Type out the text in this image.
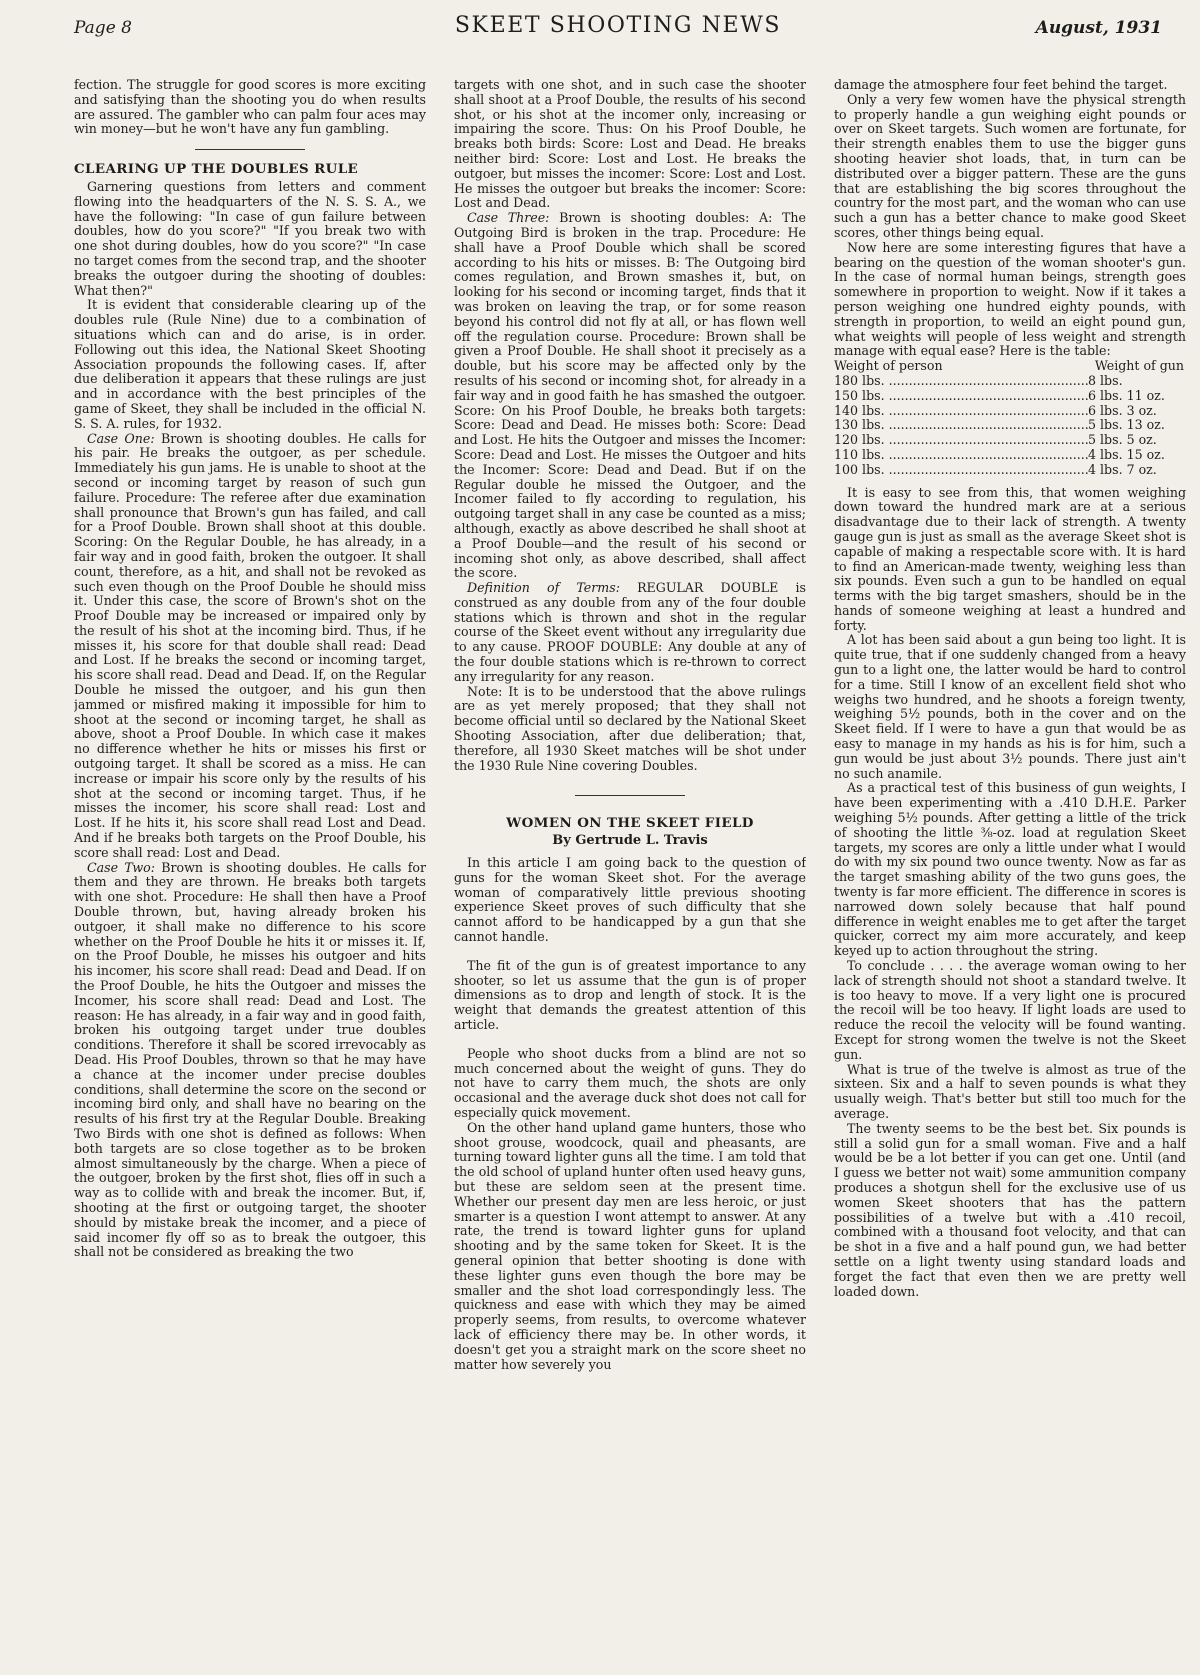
Page 8	SKEET SHOOTING NEWS	August, 1931

fection. The struggle for good scores is more exciting and satisfying than the shooting you do when results are assured. The gambler who can palm four aces may win money—but he won't have any fun gambling.

CLEARING UP THE DOUBLES RULE

Garnering questions from letters and comment flowing into the headquarters of the N. S. S. A., we have the following: "In case of gun failure between doubles, how do you score?" "If you break two with one shot during doubles, how do you score?" "In case no target comes from the second trap, and the shooter breaks the outgoer during the shooting of doubles: What then?"

It is evident that considerable clearing up of the doubles rule (Rule Nine) due to a combination of situations which can and do arise, is in order. Following out this idea, the National Skeet Shooting Association propounds the following cases. If, after due deliberation it appears that these rulings are just and in accordance with the best principles of the game of Skeet, they shall be included in the official N. S. S. A. rules, for 1932.

Case One: Brown is shooting doubles. He calls for his pair. He breaks the outgoer, as per schedule. Immediately his gun jams. He is unable to shoot at the second or incoming target by reason of such gun failure. Procedure: The referee after due examination shall pronounce that Brown's gun has failed, and call for a Proof Double. Brown shall shoot at this double. Scoring: On the Regular Double, he has already, in a fair way and in good faith, broken the outgoer. It shall count, therefore, as a hit, and shall not be revoked as such even though on the Proof Double he should miss it. Under this case, the score of Brown's shot on the Proof Double may be increased or impaired only by the result of his shot at the incoming bird. Thus, if he misses it, his score for that double shall read: Dead and Lost. If he breaks the second or incoming target, his score shall read. Dead and Dead. If, on the Regular Double he missed the outgoer, and his gun then jammed or misfired making it impossible for him to shoot at the second or incoming target, he shall as above, shoot a Proof Double. In which case it makes no difference whether he hits or misses his first or outgoing target. It shall be scored as a miss. He can increase or impair his score only by the results of his shot at the second or incoming target. Thus, if he misses the incomer, his score shall read: Lost and Lost. If he hits it, his score shall read Lost and Dead. And if he breaks both targets on the Proof Double, his score shall read: Lost and Dead.

Case Two: Brown is shooting doubles. He calls for them and they are thrown. He breaks both targets with one shot. Procedure: He shall then have a Proof Double thrown, but, having already broken his outgoer, it shall make no difference to his score whether on the Proof Double he hits it or misses it. If, on the Proof Double, he misses his outgoer and hits his incomer, his score shall read: Dead and Dead. If on the Proof Double, he hits the Outgoer and misses the Incomer, his score shall read: Dead and Lost. The reason: He has already, in a fair way and in good faith, broken his outgoing target under true doubles conditions. Therefore it shall be scored irrevocably as Dead. His Proof Doubles, thrown so that he may have a chance at the incomer under precise doubles conditions, shall determine the score on the second or incoming bird only, and shall have no bearing on the results of his first try at the Regular Double. Breaking Two Birds with one shot is defined as follows: When both targets are so close together as to be broken almost simultaneously by the charge. When a piece of the outgoer, broken by the first shot, flies off in such a way as to collide with and break the incomer. But, if, shooting at the first or outgoing target, the shooter should by mistake break the incomer, and a piece of said incomer fly off so as to break the outgoer, this shall not be considered as breaking the two

targets with one shot, and in such case the shooter shall shoot at a Proof Double, the results of his second shot, or his shot at the incomer only, increasing or impairing the score. Thus: On his Proof Double, he breaks both birds: Score: Lost and Dead. He breaks neither bird: Score: Lost and Lost. He breaks the outgoer, but misses the incomer: Score: Lost and Lost. He misses the outgoer but breaks the incomer: Score: Lost and Dead.

Case Three: Brown is shooting doubles: A: The Outgoing Bird is broken in the trap. Procedure: He shall have a Proof Double which shall be scored according to his hits or misses. B: The Outgoing bird comes regulation, and Brown smashes it, but, on looking for his second or incoming target, finds that it was broken on leaving the trap, or for some reason beyond his control did not fly at all, or has flown well off the regulation course. Procedure: Brown shall be given a Proof Double. He shall shoot it precisely as a double, but his score may be affected only by the results of his second or incoming shot, for already in a fair way and in good faith he has smashed the outgoer. Score: On his Proof Double, he breaks both targets: Score: Dead and Dead. He misses both: Score: Dead and Lost. He hits the Outgoer and misses the Incomer: Score: Dead and Lost. He misses the Outgoer and hits the Incomer: Score: Dead and Dead. But if on the Regular double he missed the Outgoer, and the Incomer failed to fly according to regulation, his outgoing target shall in any case be counted as a miss; although, exactly as above described he shall shoot at a Proof Double—and the result of his second or incoming shot only, as above described, shall affect the score.

Definition of Terms: REGULAR DOUBLE is construed as any double from any of the four double stations which is thrown and shot in the regular course of the Skeet event without any irregularity due to any cause. PROOF DOUBLE: Any double at any of the four double stations which is re-thrown to correct any irregularity for any reason.

Note: It is to be understood that the above rulings are as yet merely proposed; that they shall not become official until so declared by the National Skeet Shooting Association, after due deliberation; that, therefore, all 1930 Skeet matches will be shot under the 1930 Rule Nine covering Doubles.

WOMEN ON THE SKEET FIELD
By Gertrude L. Travis

In this article I am going back to the question of guns for the woman Skeet shot. For the average woman of comparatively little previous shooting experience Skeet proves of such difficulty that she cannot afford to be handicapped by a gun that she cannot handle.

The fit of the gun is of greatest importance to any shooter, so let us assume that the gun is of proper dimensions as to drop and length of stock. It is the weight that demands the greatest attention of this article.

People who shoot ducks from a blind are not so much concerned about the weight of guns. They do not have to carry them much, the shots are only occasional and the average duck shot does not call for especially quick movement.

On the other hand upland game hunters, those who shoot grouse, woodcock, quail and pheasants, are turning toward lighter guns all the time. I am told that the old school of upland hunter often used heavy guns, but these are seldom seen at the present time. Whether our present day men are less heroic, or just smarter is a question I wont attempt to answer. At any rate, the trend is toward lighter guns for upland shooting and by the same token for Skeet. It is the general opinion that better shooting is done with these lighter guns even though the bore may be smaller and the shot load correspondingly less. The quickness and ease with which they may be aimed properly seems, from results, to overcome whatever lack of efficiency there may be. In other words, it doesn't get you a straight mark on the score sheet no matter how severely you

damage the atmosphere four feet behind the target.

Only a very few women have the physical strength to properly handle a gun weighing eight pounds or over on Skeet targets. Such women are fortunate, for their strength enables them to use the bigger guns shooting heavier shot loads, that, in turn can be distributed over a bigger pattern. These are the guns that are establishing the big scores throughout the country for the most part, and the woman who can use such a gun has a better chance to make good Skeet scores, other things being equal.

Now here are some interesting figures that have a bearing on the question of the woman shooter's gun. In the case of normal human beings, strength goes somewhere in proportion to weight. Now if it takes a person weighing one hundred eighty pounds, with strength in proportion, to weild an eight pound gun, what weights will people of less weight and strength manage with equal ease? Here is the table:

Weight of person	Weight of gun
180 lbs. .....	8 lbs.
150 lbs. .....	6 lbs. 11 oz.
140 lbs. .....	6 lbs. 3 oz.
130 lbs. .....	5 lbs. 13 oz.
120 lbs. .....	5 lbs. 5 oz.
110 lbs. .....	4 lbs. 15 oz.
100 lbs. .....	4 lbs. 7 oz.

It is easy to see from this, that women weighing down toward the hundred mark are at a serious disadvantage due to their lack of strength. A twenty gauge gun is just as small as the average Skeet shot is capable of making a respectable score with. It is hard to find an American-made twenty, weighing less than six pounds. Even such a gun to be handled on equal terms with the big target smashers, should be in the hands of someone weighing at least a hundred and forty.

A lot has been said about a gun being too light. It is quite true, that if one suddenly changed from a heavy gun to a light one, the latter would be hard to control for a time. Still I know of an excellent field shot who weighs two hundred, and he shoots a foreign twenty, weighing 5½ pounds, both in the cover and on the Skeet field. If I were to have a gun that would be as easy to manage in my hands as his is for him, such a gun would be just about 3½ pounds. There just ain't no such anamile.

As a practical test of this business of gun weights, I have been experimenting with a .410 D.H.E. Parker weighing 5½ pounds. After getting a little of the trick of shooting the little ⅜-oz. load at regulation Skeet targets, my scores are only a little under what I would do with my six pound two ounce twenty. Now as far as the target smashing ability of the two guns goes, the twenty is far more efficient. The difference in scores is narrowed down solely because that half pound difference in weight enables me to get after the target quicker, correct my aim more accurately, and keep keyed up to action throughout the string.

To conclude . . . . the average woman owing to her lack of strength should not shoot a standard twelve. It is too heavy to move. If a very light one is procured the recoil will be too heavy. If light loads are used to reduce the recoil the velocity will be found wanting. Except for strong women the twelve is not the Skeet gun.

What is true of the twelve is almost as true of the sixteen. Six and a half to seven pounds is what they usually weigh. That's better but still too much for the average.

The twenty seems to be the best bet. Six pounds is still a solid gun for a small woman. Five and a half would be be a lot better if you can get one. Until (and I guess we better not wait) some ammunition company produces a shotgun shell for the exclusive use of us women Skeet shooters that has the pattern possibilities of a twelve but with a .410 recoil, combined with a thousand foot velocity, and that can be shot in a five and a half pound gun, we had better settle on a light twenty using standard loads and forget the fact that even then we are pretty well loaded down.
